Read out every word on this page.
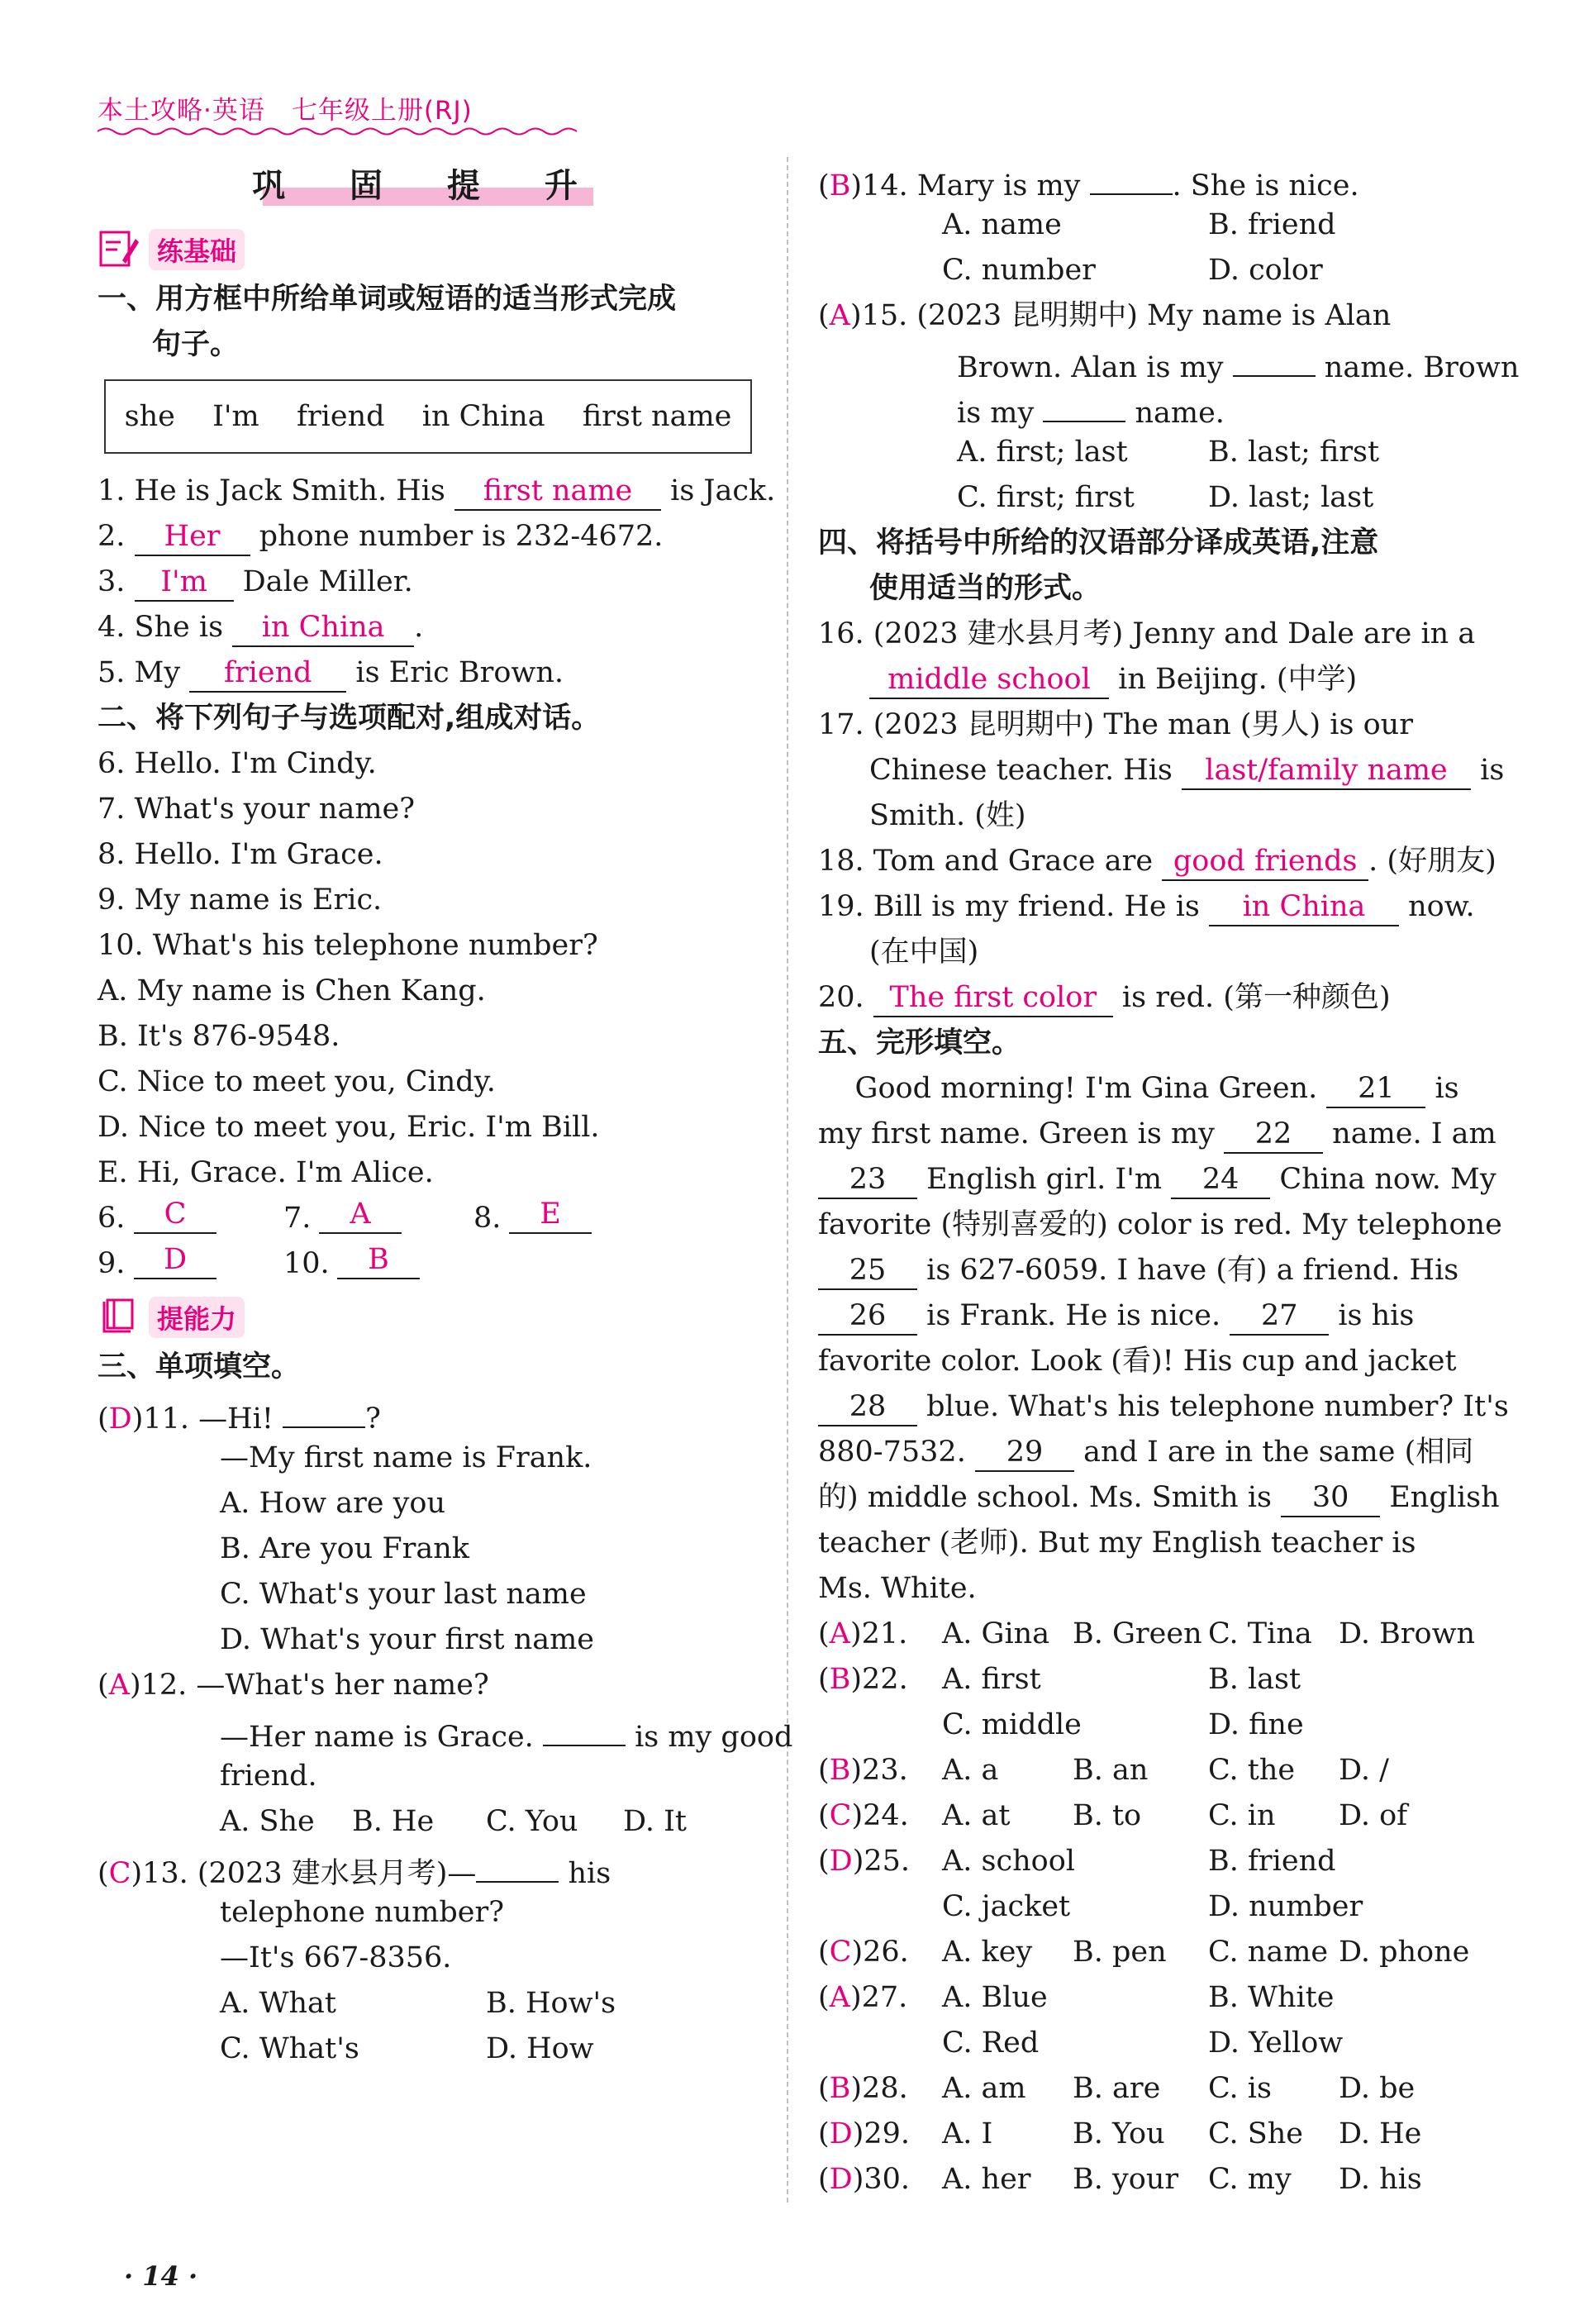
本土攻略·英语　七年级上册(RJ)
巩 固 提 升
练基础
一、用方框中所给单词或短语的适当形式完成
句子。
she I'm friend in China first name
1. He is Jack Smith. His first name is Jack.
2. Her phone number is 232-4672.
3. I'm Dale Miller.
4. She is in China .
5. My friend is Eric Brown.
二、将下列句子与选项配对,组成对话。
6. Hello. I'm Cindy.
7. What's your name?
8. Hello. I'm Grace.
9. My name is Eric.
10. What's his telephone number?
A. My name is Chen Kang.
B. It's 876-9548.
C. Nice to meet you, Cindy.
D. Nice to meet you, Eric. I'm Bill.
E. Hi, Grace. I'm Alice.
6.	C	7.	A	8.	E
9.	D	10.	B
提能力
三、单项填空。
(D)11. —Hi!	?
—My first name is Frank.
A. How are you
B. Are you Frank
C. What's your last name
D. What's your first name
(A)12. —What's her name?
—Her name is Grace.	is my good
friend.
A. She B. He C. You D. It
(C)13. (2023 建水县月考)—	his
telephone number?
—It's 667-8356.
A. What	B. How's
C. What's	D. How
(B)14. Mary is my	. She is nice.
A. name	B. friend
C. number	D. color
(A)15. (2023 昆明期中) My name is Alan
Brown. Alan is my	name. Brown
is my	name.
A. first; last	B. last; first
C. first; first	D. last; last
四、将括号中所给的汉语部分译成英语,注意
使用适当的形式。
16. (2023 建水县月考) Jenny and Dale are in a
middle school in Beijing. (中学)
17. (2023 昆明期中) The man (男人) is our
Chinese teacher. His last/family name is
Smith. (姓)
18. Tom and Grace are good friends . (好朋友)
19. Bill is my friend. He is in China now.
(在中国)
20. The first color is red. (第一种颜色)
五、完形填空。
Good morning! I'm Gina Green. 21 is
my first name. Green is my 22 name. I am
23 English girl. I'm 24 China now. My
favorite (特别喜爱的) color is red. My telephone
25 is 627-6059. I have (有) a friend. His
26 is Frank. He is nice. 27 is his
favorite color. Look (看)! His cup and jacket
28 blue. What's his telephone number? It's
880-7532. 29 and I are in the same (相同
的) middle school. Ms. Smith is 30 English
teacher (老师). But my English teacher is
Ms. White.
(A)21. A. Gina B. Green C. Tina D. Brown
(B)22. A. first	B. last
C. middle	D. fine
(B)23. A. a	B. an C. the D. /
(C)24. A. at B. to C. in D. of
(D)25. A. school	B. friend
C. jacket	D. number
(C)26. A. key B. pen C. name D. phone
(A)27. A. Blue	B. White
C. Red	D. Yellow
(B)28. A. am B. are C. is D. be
(D)29. A. I	B. You C. She D. He
(D)30. A. her B. your C. my D. his
· 14 ·
